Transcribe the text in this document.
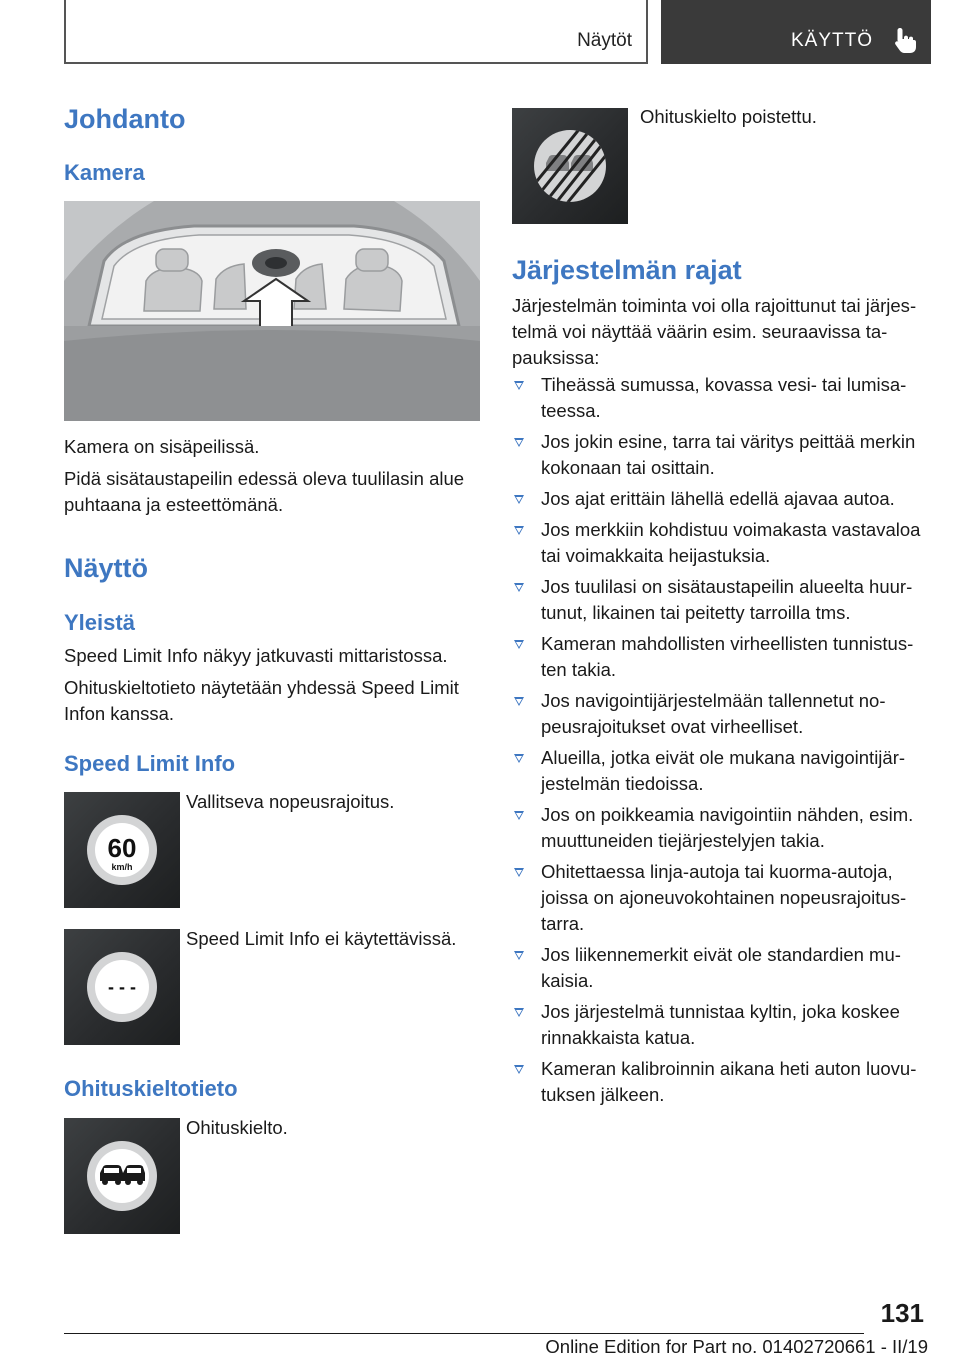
Näytöt	KÄYTTÖ
Johdanto
Kamera
Kamera on sisäpeilissä.
Pidä sisätaustapeilin edessä oleva tuulilasin alue puhtaana ja esteettömänä.
Näyttö
Yleistä
Speed Limit Info näkyy jatkuvasti mittaristossa.
Ohituskieltotieto näytetään yhdessä Speed Limit Infon kanssa.
Speed Limit Info
60
km/h
Vallitseva nopeusrajoitus.
- - -
Speed Limit Info ei käytettävissä.
Ohituskieltotieto
Ohituskielto.
Ohituskielto poistettu.
Järjestelmän rajat
Järjestelmän toiminta voi olla rajoittunut tai järjestelmä voi näyttää väärin esim. seuraavissa tapauksissa:
Tiheässä sumussa, kovassa vesi- tai lumisateessa.
Jos jokin esine, tarra tai väritys peittää merkin kokonaan tai osittain.
Jos ajat erittäin lähellä edellä ajavaa autoa.
Jos merkkiin kohdistuu voimakasta vastavaloa tai voimakkaita heijastuksia.
Jos tuulilasi on sisätaustapeilin alueelta huurtunut, likainen tai peitetty tarroilla tms.
Kameran mahdollisten virheellisten tunnistusten takia.
Jos navigointijärjestelmään tallennetut nopeusrajoitukset ovat virheelliset.
Alueilla, jotka eivät ole mukana navigointijärjestelmän tiedoissa.
Jos on poikkeamia navigointiin nähden, esim. muuttuneiden tiejärjestelyjen takia.
Ohitettaessa linja-autoja tai kuorma-autoja, joissa on ajoneuvokohtainen nopeusrajoitustarra.
Jos liikennemerkit eivät ole standardien mukaisia.
Jos järjestelmä tunnistaa kyltin, joka koskee rinnakkaista katua.
Kameran kalibroinnin aikana heti auton luovutuksen jälkeen.
131
Online Edition for Part no. 01402720661 - II/19
